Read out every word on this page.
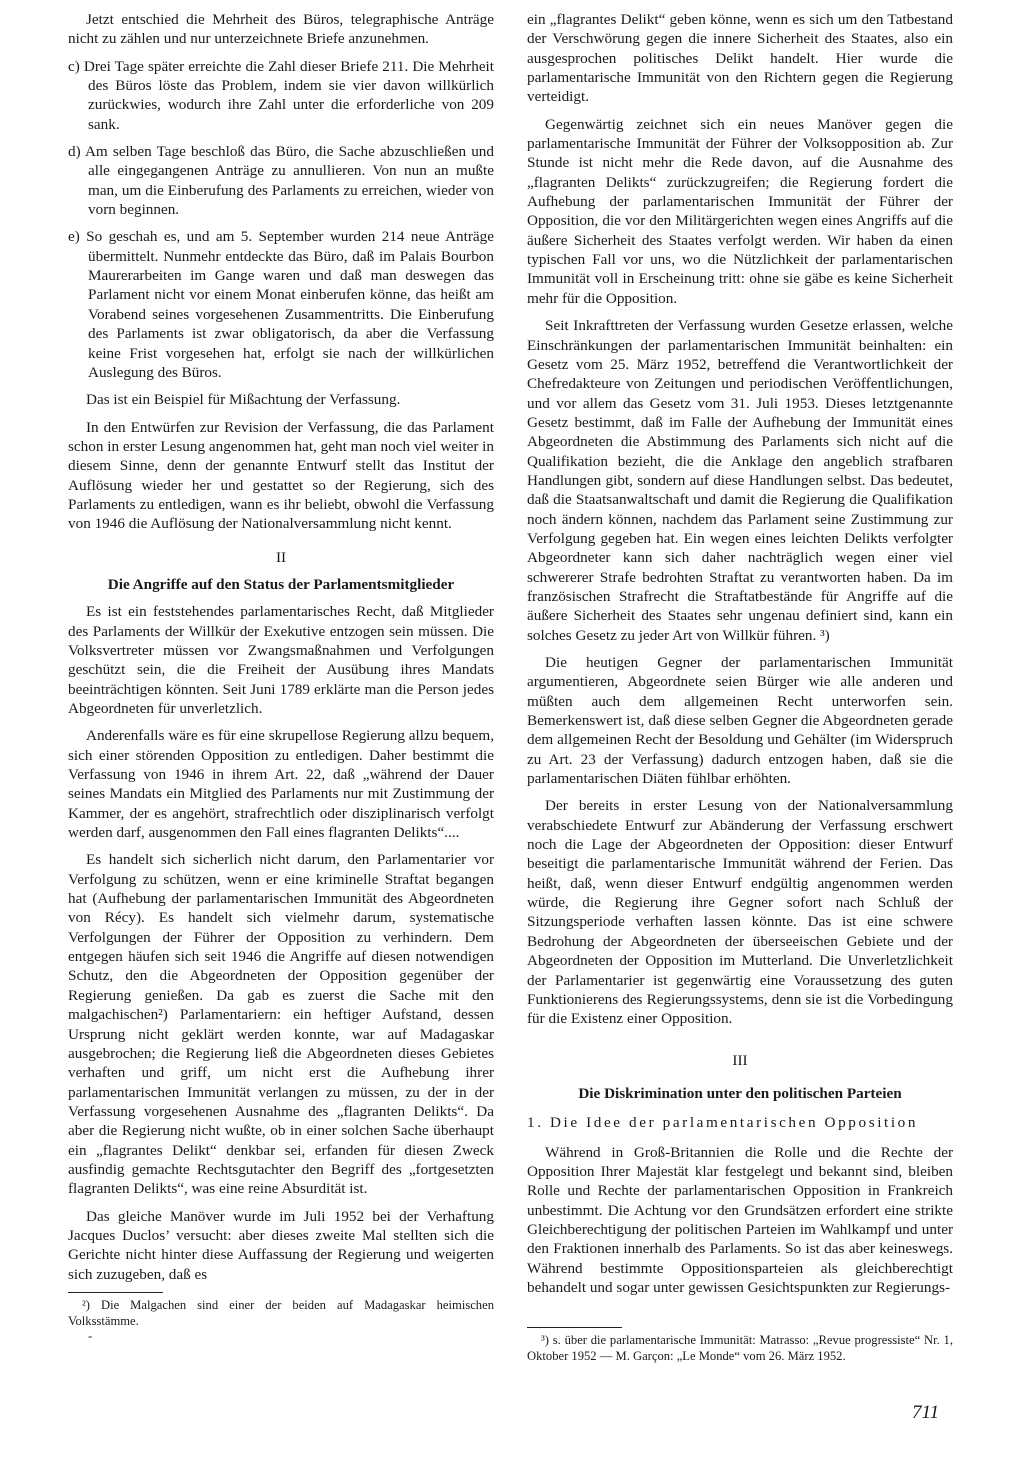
Jetzt entschied die Mehrheit des Büros, telegraphische Anträge nicht zu zählen und nur unterzeichnete Briefe anzunehmen.

c) Drei Tage später erreichte die Zahl dieser Briefe 211. Die Mehrheit des Büros löste das Problem, indem sie vier davon willkürlich zurückwies, wodurch ihre Zahl unter die erforderliche von 209 sank.

d) Am selben Tage beschloß das Büro, die Sache abzuschließen und alle eingegangenen Anträge zu annullieren. Von nun an mußte man, um die Einberufung des Parlaments zu erreichen, wieder von vorn beginnen.

e) So geschah es, und am 5. September wurden 214 neue Anträge übermittelt. Nunmehr entdeckte das Büro, daß im Palais Bourbon Maurerarbeiten im Gange waren und daß man deswegen das Parlament nicht vor einem Monat einberufen könne, das heißt am Vorabend seines vorgesehenen Zusammentritts. Die Einberufung des Parlaments ist zwar obligatorisch, da aber die Verfassung keine Frist vorgesehen hat, erfolgt sie nach der willkürlichen Auslegung des Büros.

Das ist ein Beispiel für Mißachtung der Verfassung.

In den Entwürfen zur Revision der Verfassung, die das Parlament schon in erster Lesung angenommen hat, geht man noch viel weiter in diesem Sinne, denn der genannte Entwurf stellt das Institut der Auflösung wieder her und gestattet so der Regierung, sich des Parlaments zu entledigen, wann es ihr beliebt, obwohl die Verfassung von 1946 die Auflösung der Nationalversammlung nicht kennt.

II
Die Angriffe auf den Status der Parlamentsmitglieder

Es ist ein feststehendes parlamentarisches Recht, daß Mitglieder des Parlaments der Willkür der Exekutive entzogen sein müssen. Die Volksvertreter müssen vor Zwangsmaßnahmen und Verfolgungen geschützt sein, die die Freiheit der Ausübung ihres Mandats beeinträchtigen könnten. Seit Juni 1789 erklärte man die Person jedes Abgeordneten für unverletzlich.

Anderenfalls wäre es für eine skrupellose Regierung allzu bequem, sich einer störenden Opposition zu entledigen. Daher bestimmt die Verfassung von 1946 in ihrem Art. 22, daß „während der Dauer seines Mandats ein Mitglied des Parlaments nur mit Zustimmung der Kammer, der es angehört, strafrechtlich oder disziplinarisch verfolgt werden darf, ausgenommen den Fall eines flagranten Delikts“....

Es handelt sich sicherlich nicht darum, den Parlamentarier vor Verfolgung zu schützen, wenn er eine kriminelle Straftat begangen hat (Aufhebung der parlamentarischen Immunität des Abgeordneten von Récy). Es handelt sich vielmehr darum, systematische Verfolgungen der Führer der Opposition zu verhindern. Dem entgegen häufen sich seit 1946 die Angriffe auf diesen notwendigen Schutz, den die Abgeordneten der Opposition gegenüber der Regierung genießen. Da gab es zuerst die Sache mit den malgachischen²) Parlamentariern: ein heftiger Aufstand, dessen Ursprung nicht geklärt werden konnte, war auf Madagaskar ausgebrochen; die Regierung ließ die Abgeordneten dieses Gebietes verhaften und griff, um nicht erst die Aufhebung ihrer parlamentarischen Immunität verlangen zu müssen, zu der in der Verfassung vorgesehenen Ausnahme des „flagranten Delikts“. Da aber die Regierung nicht wußte, ob in einer solchen Sache überhaupt ein „flagrantes Delikt“ denkbar sei, erfanden für diesen Zweck ausfindig gemachte Rechtsgutachter den Begriff des „fortgesetzten flagranten Delikts“, was eine reine Absurdität ist.

Das gleiche Manöver wurde im Juli 1952 bei der Verhaftung Jacques Duclos’ versucht: aber dieses zweite Mal stellten sich die Gerichte nicht hinter diese Auffassung der Regierung und weigerten sich zuzugeben, daß es

²) Die Malgachen sind einer der beiden auf Madagaskar heimischen Volksstämme.

-

ein „flagrantes Delikt“ geben könne, wenn es sich um den Tatbestand der Verschwörung gegen die innere Sicherheit des Staates, also ein ausgesprochen politisches Delikt handelt. Hier wurde die parlamentarische Immunität von den Richtern gegen die Regierung verteidigt.

Gegenwärtig zeichnet sich ein neues Manöver gegen die parlamentarische Immunität der Führer der Volksopposition ab. Zur Stunde ist nicht mehr die Rede davon, auf die Ausnahme des „flagranten Delikts“ zurückzugreifen; die Regierung fordert die Aufhebung der parlamentarischen Immunität der Führer der Opposition, die vor den Militärgerichten wegen eines Angriffs auf die äußere Sicherheit des Staates verfolgt werden. Wir haben da einen typischen Fall vor uns, wo die Nützlichkeit der parlamentarischen Immunität voll in Erscheinung tritt: ohne sie gäbe es keine Sicherheit mehr für die Opposition.

Seit Inkrafttreten der Verfassung wurden Gesetze erlassen, welche Einschränkungen der parlamentarischen Immunität beinhalten: ein Gesetz vom 25. März 1952, betreffend die Verantwortlichkeit der Chefredakteure von Zeitungen und periodischen Veröffentlichungen, und vor allem das Gesetz vom 31. Juli 1953. Dieses letztgenannte Gesetz bestimmt, daß im Falle der Aufhebung der Immunität eines Abgeordneten die Abstimmung des Parlaments sich nicht auf die Qualifikation bezieht, die die Anklage den angeblich strafbaren Handlungen gibt, sondern auf diese Handlungen selbst. Das bedeutet, daß die Staatsanwaltschaft und damit die Regierung die Qualifikation noch ändern können, nachdem das Parlament seine Zustimmung zur Verfolgung gegeben hat. Ein wegen eines leichten Delikts verfolgter Abgeordneter kann sich daher nachträglich wegen einer viel schwererer Strafe bedrohten Straftat zu verantworten haben. Da im französischen Strafrecht die Straftatbestände für Angriffe auf die äußere Sicherheit des Staates sehr ungenau definiert sind, kann ein solches Gesetz zu jeder Art von Willkür führen. ³)

Die heutigen Gegner der parlamentarischen Immunität argumentieren, Abgeordnete seien Bürger wie alle anderen und müßten auch dem allgemeinen Recht unterworfen sein. Bemerkenswert ist, daß diese selben Gegner die Abgeordneten gerade dem allgemeinen Recht der Besoldung und Gehälter (im Widerspruch zu Art. 23 der Verfassung) dadurch entzogen haben, daß sie die parlamentarischen Diäten fühlbar erhöhten.

Der bereits in erster Lesung von der Nationalversammlung verabschiedete Entwurf zur Abänderung der Verfassung erschwert noch die Lage der Abgeordneten der Opposition: dieser Entwurf beseitigt die parlamentarische Immunität während der Ferien. Das heißt, daß, wenn dieser Entwurf endgültig angenommen werden würde, die Regierung ihre Gegner sofort nach Schluß der Sitzungsperiode verhaften lassen könnte. Das ist eine schwere Bedrohung der Abgeordneten der überseeischen Gebiete und der Abgeordneten der Opposition im Mutterland. Die Unverletzlichkeit der Parlamentarier ist gegenwärtig eine Voraussetzung des guten Funktionierens des Regierungssystems, denn sie ist die Vorbedingung für die Existenz einer Opposition.

III
Die Diskrimination unter den politischen Parteien

1. Die Idee der parlamentarischen Opposition

Während in Groß-Britannien die Rolle und die Rechte der Opposition Ihrer Majestät klar festgelegt und bekannt sind, bleiben Rolle und Rechte der parlamentarischen Opposition in Frankreich unbestimmt. Die Achtung vor den Grundsätzen erfordert eine strikte Gleichberechtigung der politischen Parteien im Wahlkampf und unter den Fraktionen innerhalb des Parlaments. So ist das aber keineswegs. Während bestimmte Oppositionsparteien als gleichberechtigt behandelt und sogar unter gewissen Gesichtspunkten zur Regierungs-

³) s. über die parlamentarische Immunität: Matrasso: „Revue progressiste“ Nr. 1, Oktober 1952 — M. Garçon: „Le Monde“ vom 26. März 1952.

711
